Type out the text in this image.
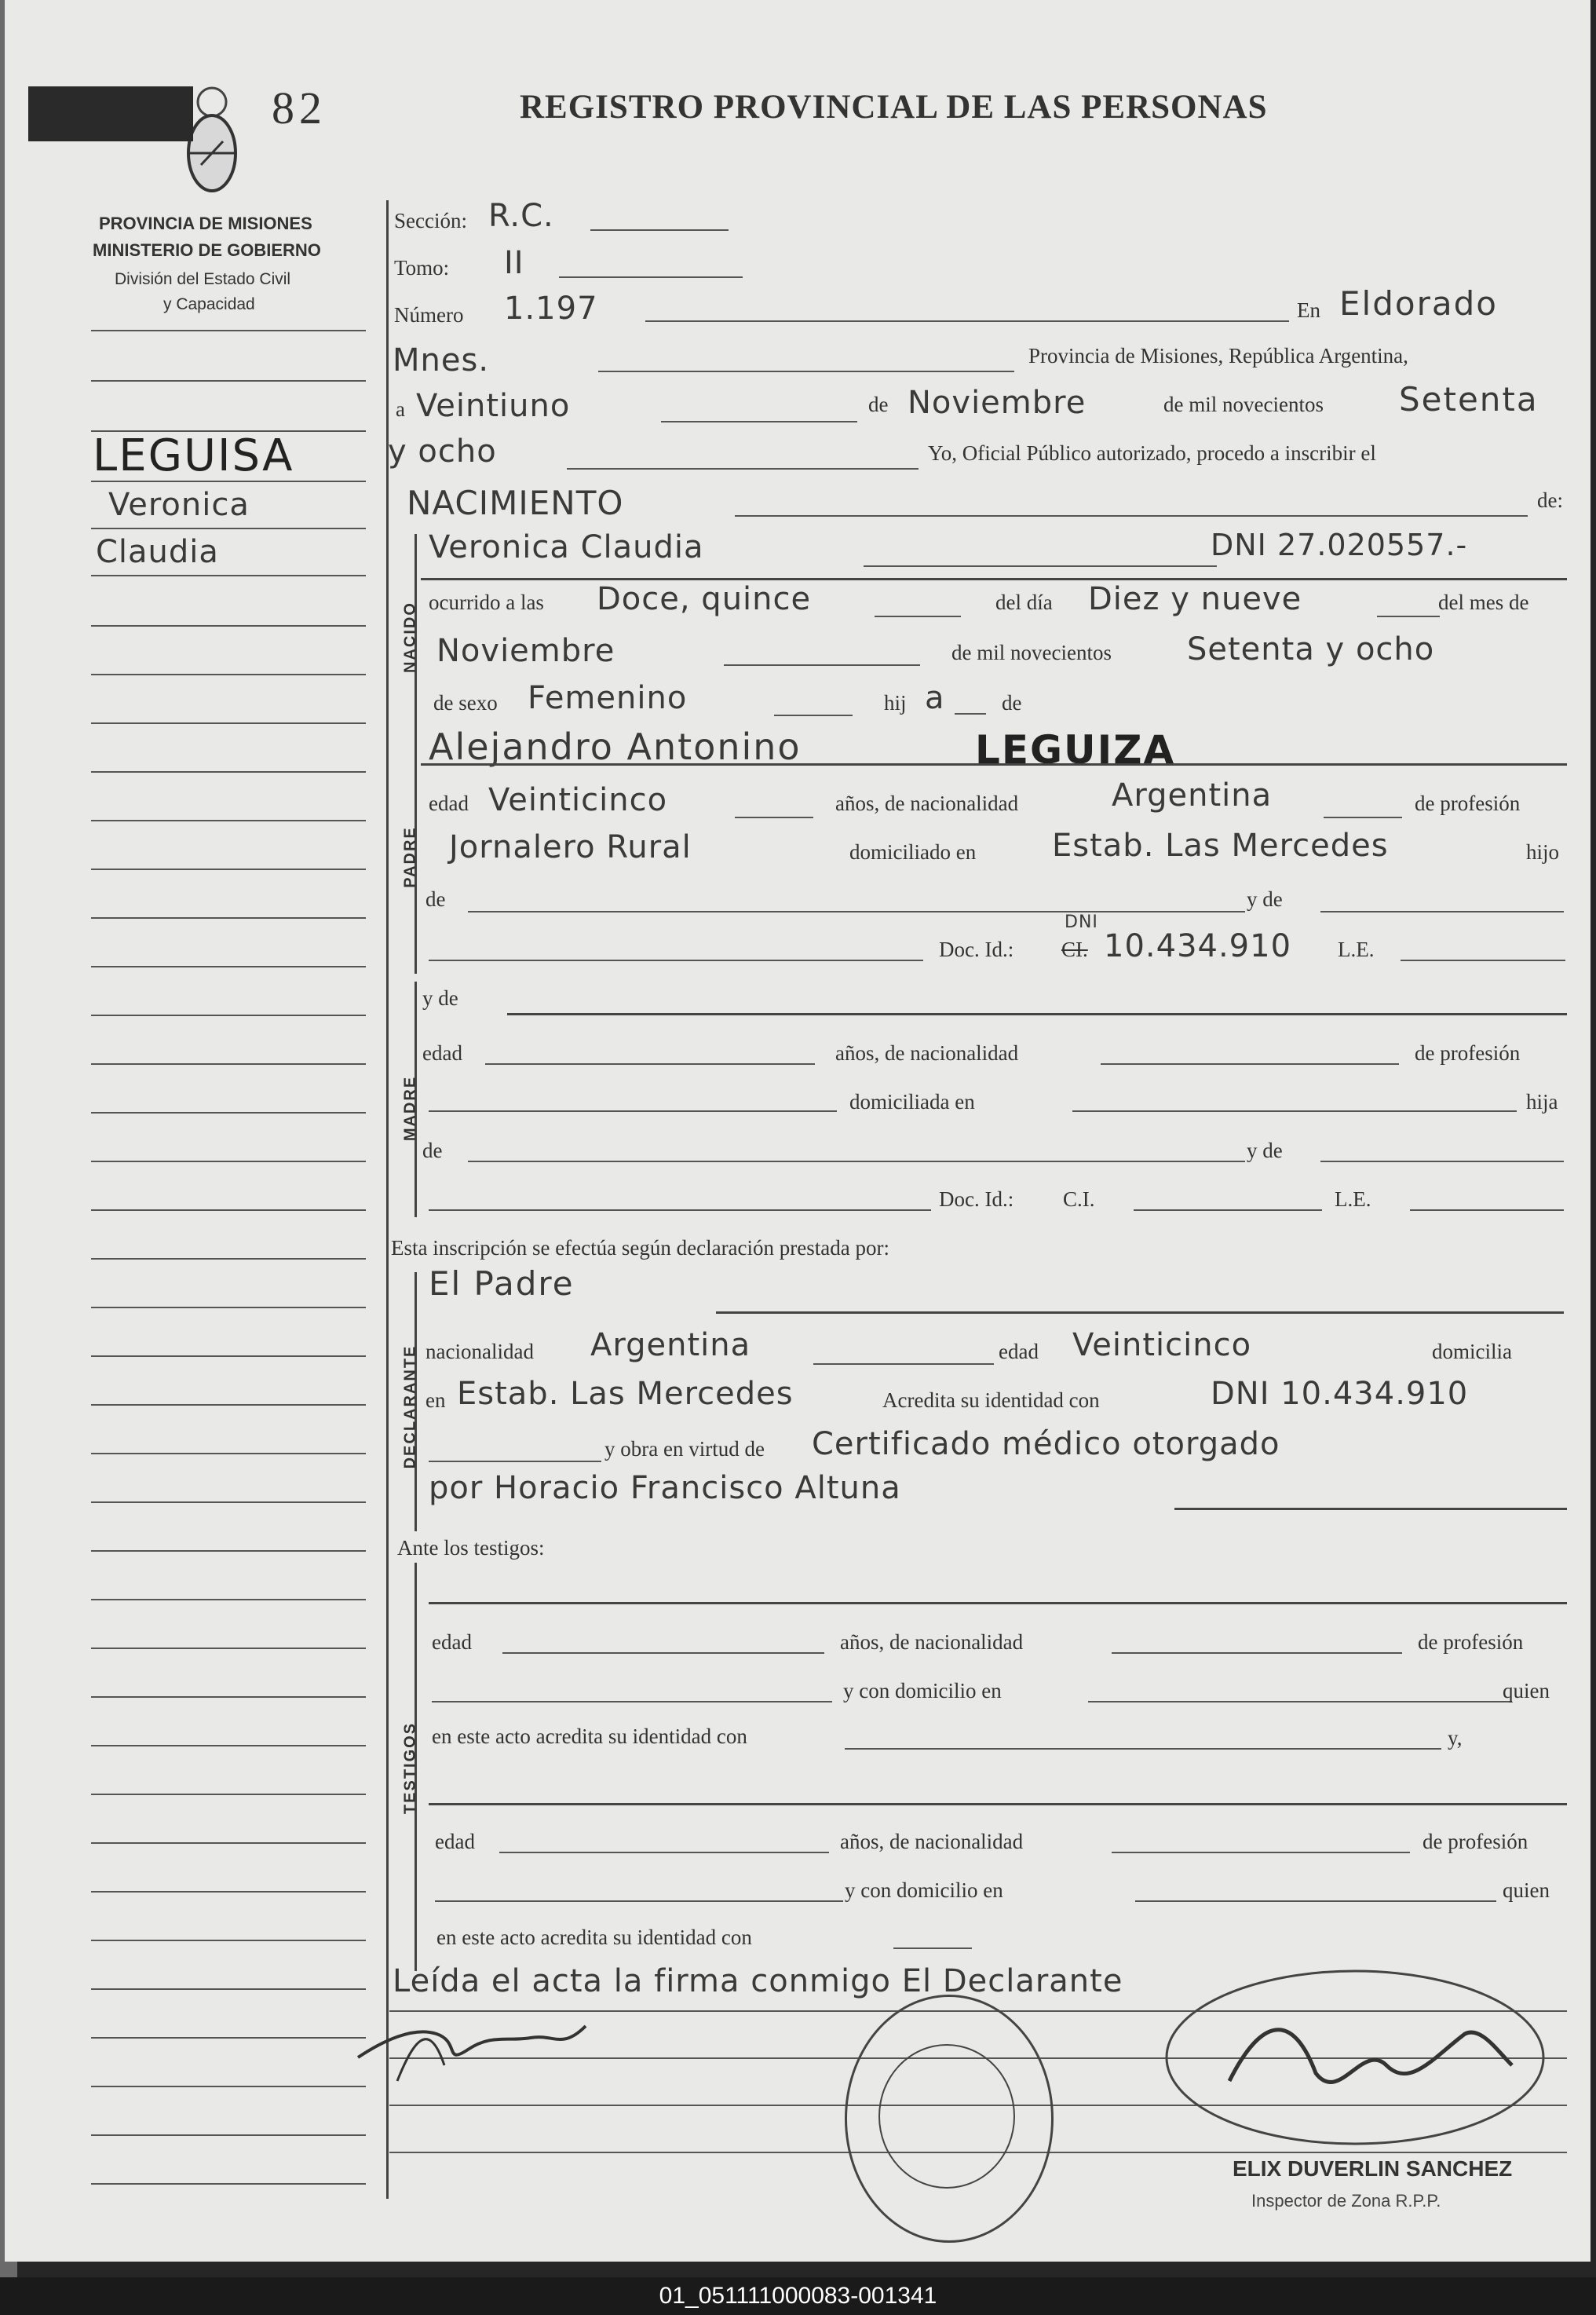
82	REGISTRO PROVINCIAL DE LAS PERSONAS
PROVINCIA DE MISIONES
MINISTERIO DE GOBIERNO
División del Estado Civil
y Capacidad
LEGUISA
Veronica
Claudia
Sección: R.C.
Tomo: II
Número 1.197	En Eldorado
Mnes.	Provincia de Misiones, República Argentina,
a Veintiuno	de Noviembre	de mil novecientos Setenta
y ocho	Yo, Oficial Público autorizado, procedo a inscribir el
NACIMIENTO	de:
NACIDO
Veronica Claudia	DNI 27.020557.-
ocurrido a las Doce, quince	del día Diez y nueve	del mes de
Noviembre	de mil novecientos Setenta y ocho
de sexo Femenino	hij a	de
PADRE
Alejandro Antonino	LEGUIZA
edad Veinticinco	años, de nacionalidad	Argentina	de profesión
Jornalero Rural	domiciliado en Estab. Las Mercedes	hijo
de	y de
Doc. Id.: CI.
DNI
10.434.910 L.E.
MADRE
y de
edad	años, de nacionalidad	de profesión
domiciliada en	hija
de	y de
Doc. Id.: C.I.	L.E.
Esta inscripción se efectúa según declaración prestada por:
DECLARANTE
El Padre
nacionalidad Argentina	edad Veinticinco	domicilia
en Estab. Las Mercedes	Acredita su identidad con	DNI 10.434.910
y obra en virtud de Certificado médico otorgado
por Horacio Francisco Altuna
Ante los testigos:
TESTIGOS
edad	años, de nacionalidad	de profesión
y con domicilio en	quien
en este acto acredita su identidad con	y,
edad	años, de nacionalidad	de profesión
y con domicilio en	quien
en este acto acredita su identidad con
Leída el acta la firma conmigo El Declarante
ELIX DUVERLIN SANCHEZ
Inspector de Zona R.P.P.
01_051111000083-001341
